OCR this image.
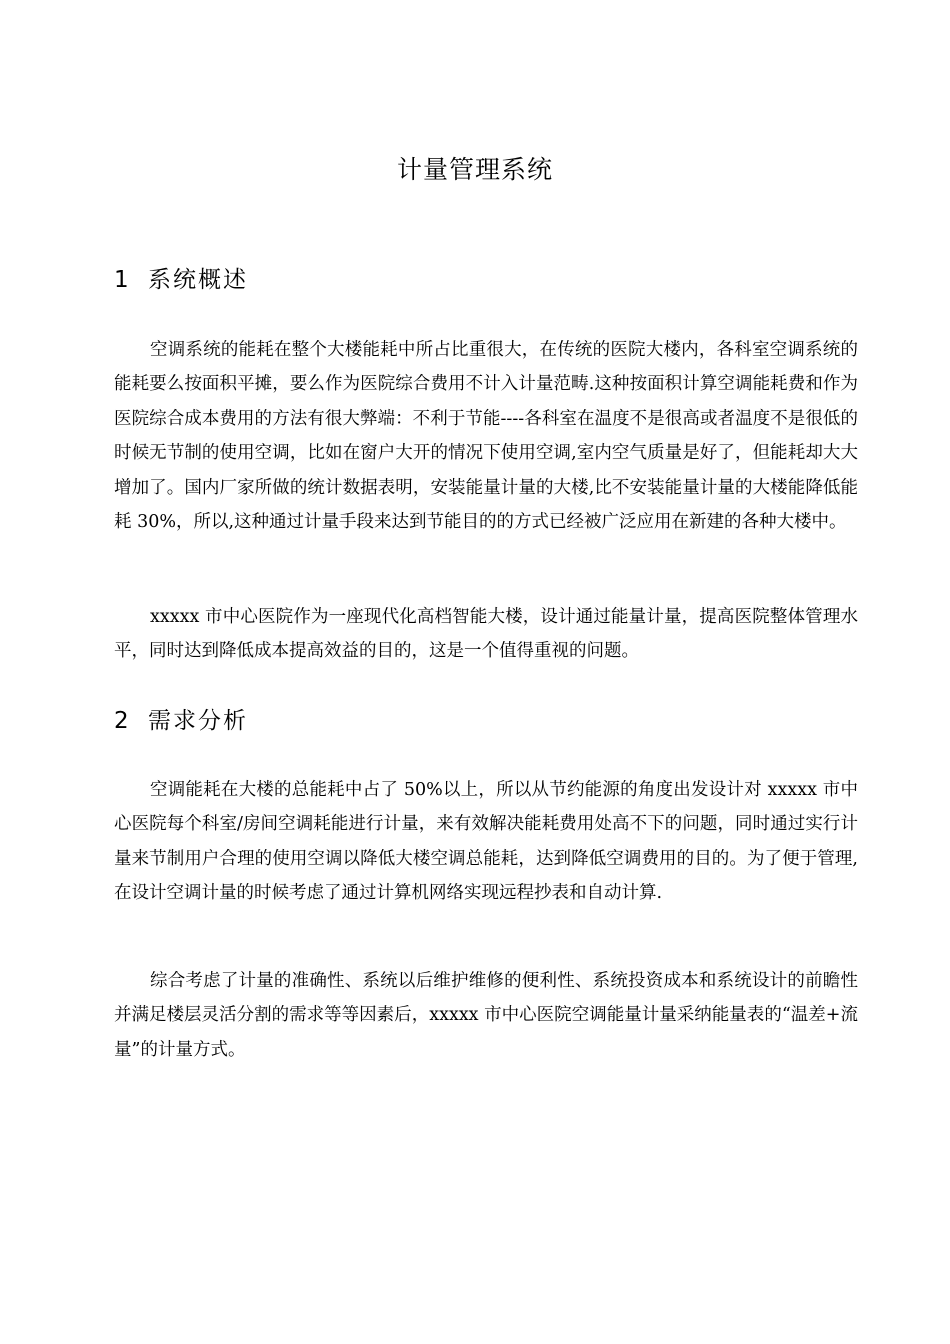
计量管理系统
1 系统概述

空调系统的能耗在整个大楼能耗中所占比重很大，在传统的医院大楼内，各科室空调系统的能耗要么按面积平摊，要么作为医院综合费用不计入计量范畴.这种按面积计算空调能耗费和作为医院综合成本费用的方法有很大弊端：不利于节能----各科室在温度不是很高或者温度不是很低的时候无节制的使用空调，比如在窗户大开的情况下使用空调,室内空气质量是好了，但能耗却大大增加了。国内厂家所做的统计数据表明，安装能量计量的大楼,比不安装能量计量的大楼能降低能耗 30%，所以,这种通过计量手段来达到节能目的的方式已经被广泛应用在新建的各种大楼中。

xxxxx 市中心医院作为一座现代化高档智能大楼，设计通过能量计量，提高医院整体管理水平，同时达到降低成本提高效益的目的，这是一个值得重视的问题。

2 需求分析

空调能耗在大楼的总能耗中占了 50%以上，所以从节约能源的角度出发设计对 xxxxx 市中心医院每个科室/房间空调耗能进行计量，来有效解决能耗费用处高不下的问题，同时通过实行计量来节制用户合理的使用空调以降低大楼空调总能耗，达到降低空调费用的目的。为了便于管理,在设计空调计量的时候考虑了通过计算机网络实现远程抄表和自动计算.

综合考虑了计量的准确性、系统以后维护维修的便利性、系统投资成本和系统设计的前瞻性并满足楼层灵活分割的需求等等因素后，xxxxx 市中心医院空调能量计量采纳能量表的“温差+流量”的计量方式。
